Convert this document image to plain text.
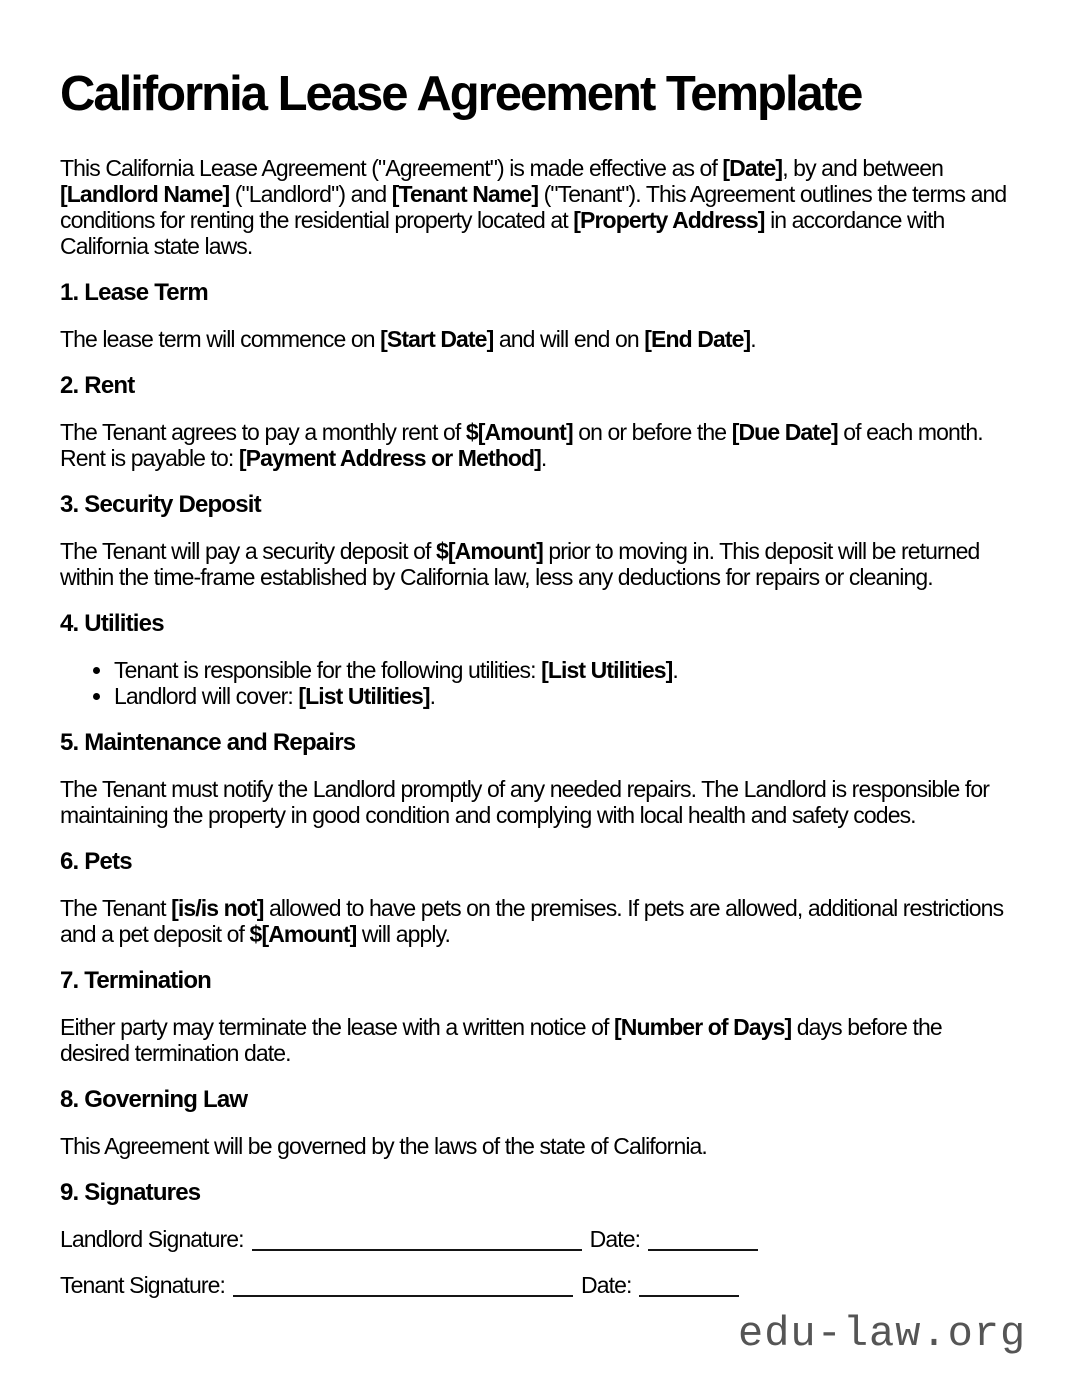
California Lease Agreement Template

This California Lease Agreement ("Agreement") is made effective as of [Date], by and between [Landlord Name] ("Landlord") and [Tenant Name] ("Tenant"). This Agreement outlines the terms and conditions for renting the residential property located at [Property Address] in accordance with California state laws.

1. Lease Term

The lease term will commence on [Start Date] and will end on [End Date].

2. Rent

The Tenant agrees to pay a monthly rent of $[Amount] on or before the [Due Date] of each month. Rent is payable to: [Payment Address or Method].

3. Security Deposit

The Tenant will pay a security deposit of $[Amount] prior to moving in. This deposit will be returned within the time-frame established by California law, less any deductions for repairs or cleaning.

4. Utilities
• Tenant is responsible for the following utilities: [List Utilities].
• Landlord will cover: [List Utilities].
5. Maintenance and Repairs

The Tenant must notify the Landlord promptly of any needed repairs. The Landlord is responsible for maintaining the property in good condition and complying with local health and safety codes.

6. Pets

The Tenant [is/is not] allowed to have pets on the premises. If pets are allowed, additional restrictions and a pet deposit of $[Amount] will apply.

7. Termination

Either party may terminate the lease with a written notice of [Number of Days] days before the desired termination date.

8. Governing Law

This Agreement will be governed by the laws of the state of California.

9. Signatures

Landlord Signature:	Date:

Tenant Signature:	Date:

edu-law.org
